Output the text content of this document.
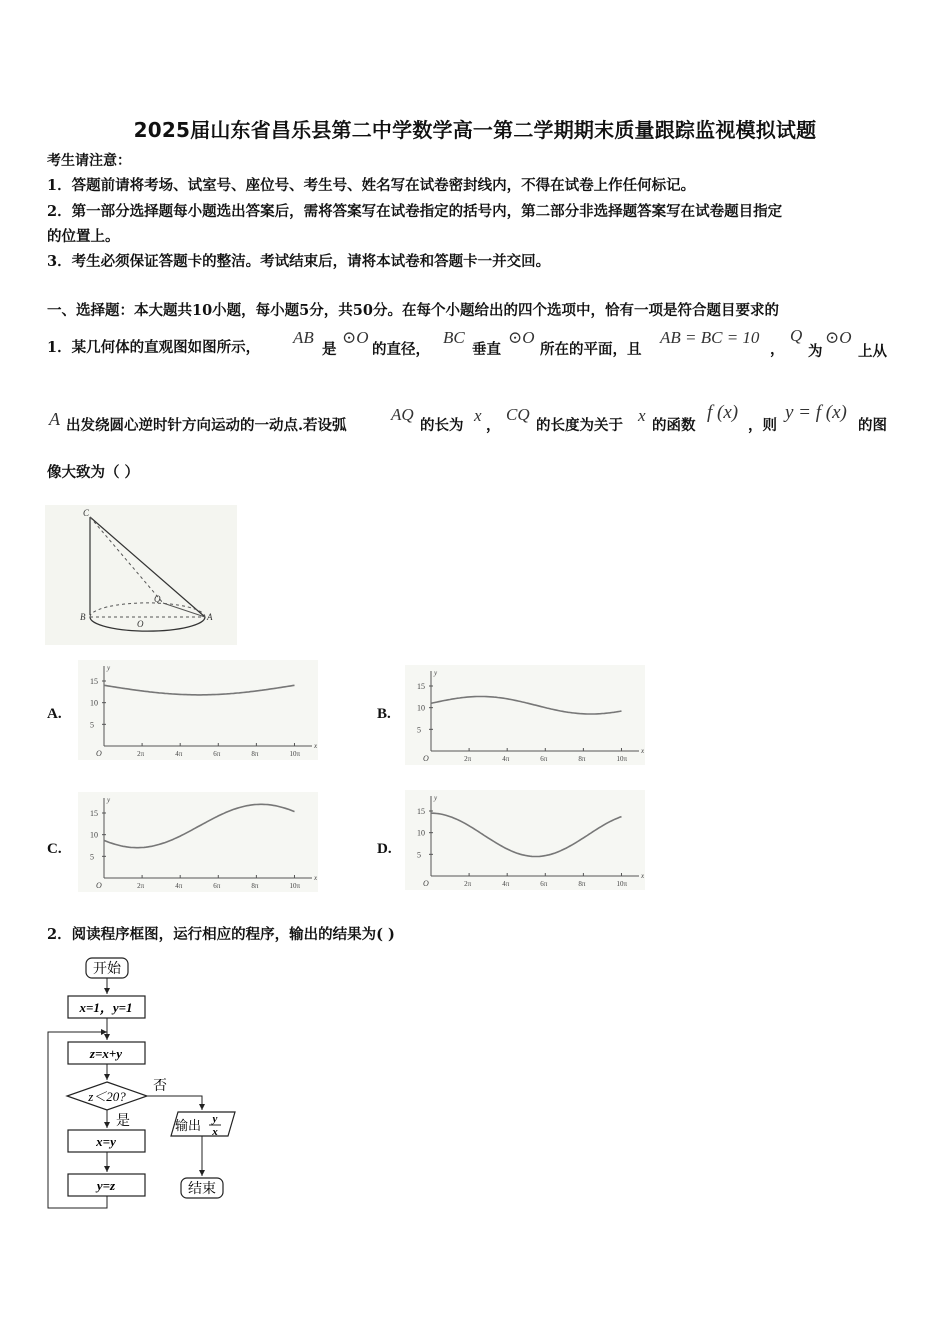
2025届山东省昌乐县第二中学数学高一第二学期期末质量跟踪监视模拟试题
考生请注意：
1．答题前请将考场、试室号、座位号、考生号、姓名写在试卷密封线内，不得在试卷上作任何标记。
2．第一部分选择题每小题选出答案后，需将答案写在试卷指定的括号内，第二部分非选择题答案写在试卷题目指定
的位置上。
3．考生必须保证答题卡的整洁。考试结束后，请将本试卷和答题卡一并交回。
一、选择题：本大题共10小题，每小题5分，共50分。在每个小题给出的四个选项中，恰有一项是符合题目要求的
1．某几何体的直观图如图所示，
AB
是
⊙O
的直径，
BC
垂直
⊙O
所在的平面，且
AB = BC = 10
，
Q
为
⊙O
上从
A 出发绕圆心逆时针方向运动的一动点.若设弧
AQ
的长为
x
，
CQ
的长度为关于
x
的函数
f (x)
，则
y = f (x)
的图
像大致为（ ）
C
Q
B
O
A
A.	B.
C.	D.
y
x
O
15
10
5
2π	4π	6π	8π	10π
y
x
O
15
10
5
2π	4π	6π	8π	10π
y
x
O
15
10
5
2π	4π	6π	8π	10π
y
x
O
15
10
5
2π	4π	6π	8π	10π
2．阅读程序框图，运行相应的程序，输出的结果为( )
开始
x=1，y=1
z=x+y
z＜20?
否
是
x=y
y=z
输出 y
x
结束
